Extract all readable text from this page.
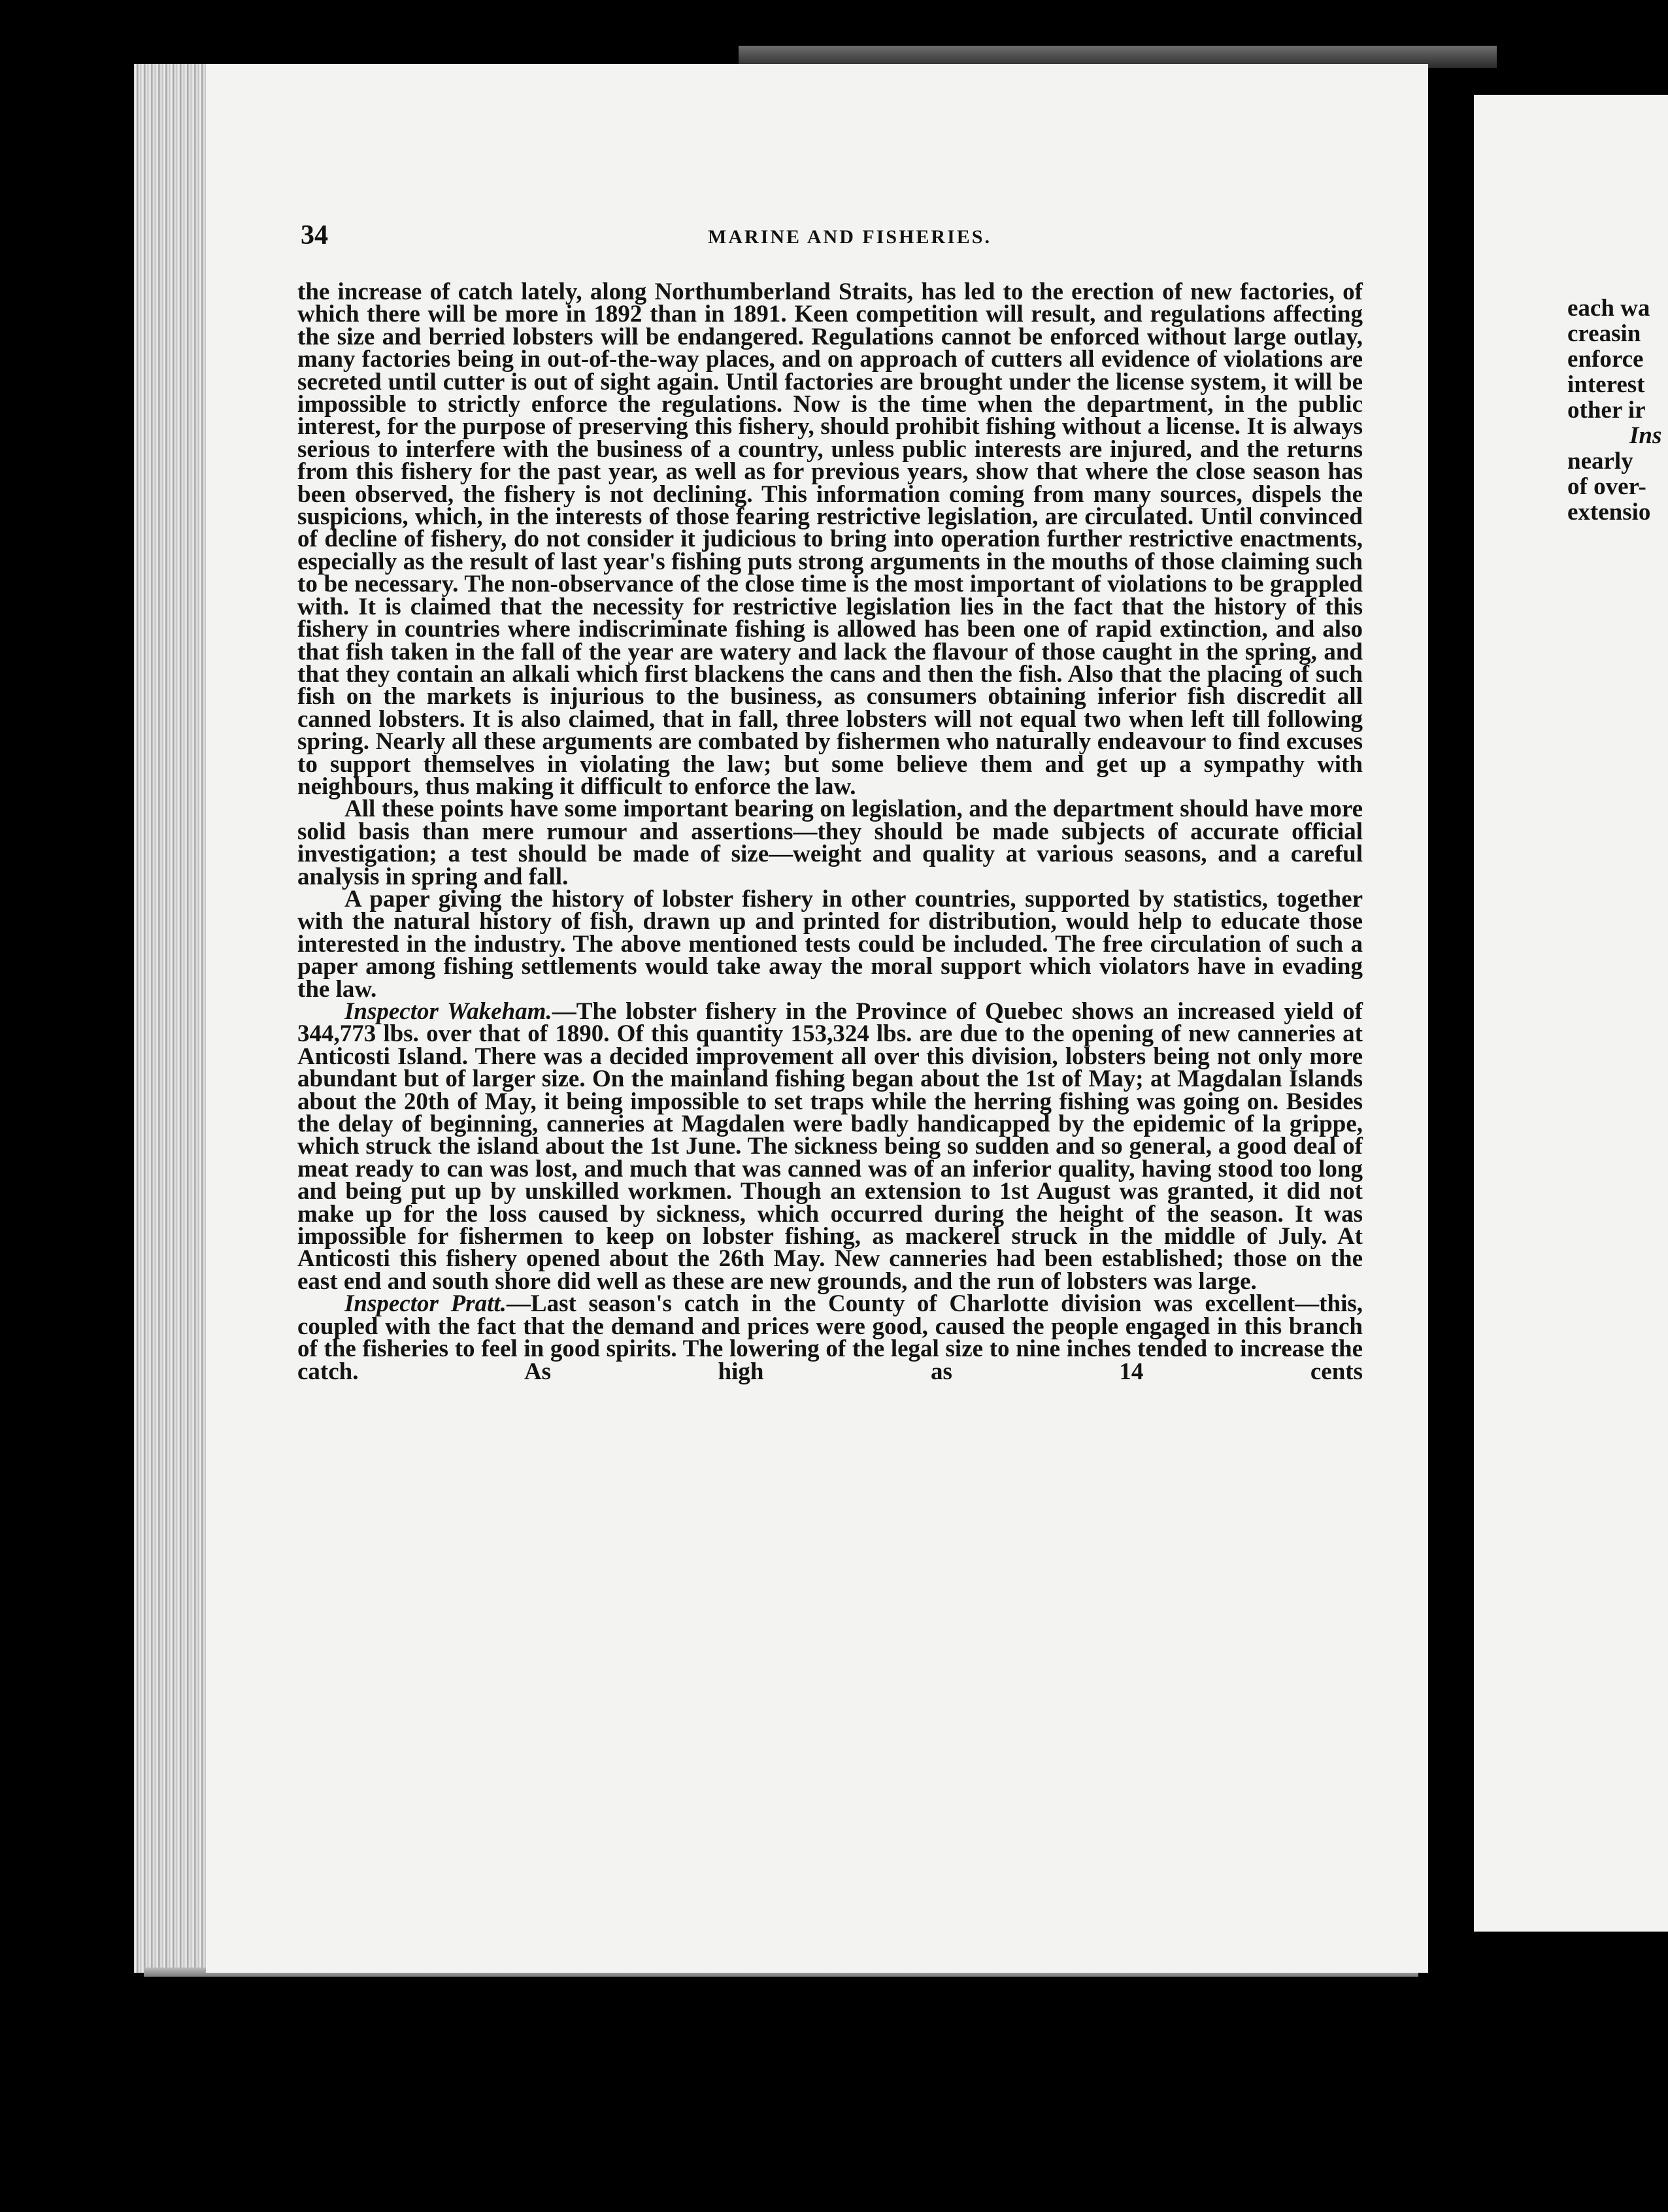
34	MARINE AND FISHERIES.

the increase of catch lately, along Northumberland Straits, has led to the erection of new factories, of which there will be more in 1892 than in 1891. Keen competition will result, and regulations affecting the size and berried lobsters will be endangered. Regulations cannot be enforced without large outlay, many factories being in out-of-the-way places, and on approach of cutters all evidence of violations are secreted until cutter is out of sight again. Until factories are brought under the license system, it will be impossible to strictly enforce the regulations. Now is the time when the department, in the public interest, for the purpose of preserving this fishery, should prohibit fishing without a license. It is always serious to interfere with the business of a country, unless public interests are injured, and the returns from this fishery for the past year, as well as for previous years, show that where the close season has been observed, the fishery is not declining. This information coming from many sources, dispels the suspicions, which, in the interests of those fearing restrictive legislation, are circulated. Until convinced of decline of fishery, do not consider it judicious to bring into operation further restrictive enactments, especially as the result of last year's fishing puts strong arguments in the mouths of those claiming such to be necessary. The non-observance of the close time is the most important of violations to be grappled with. It is claimed that the necessity for restrictive legislation lies in the fact that the history of this fishery in countries where indiscriminate fishing is allowed has been one of rapid extinction, and also that fish taken in the fall of the year are watery and lack the flavour of those caught in the spring, and that they contain an alkali which first blackens the cans and then the fish. Also that the placing of such fish on the markets is injurious to the business, as consumers obtaining inferior fish discredit all canned lobsters. It is also claimed, that in fall, three lobsters will not equal two when left till following spring. Nearly all these arguments are combated by fishermen who naturally endeavour to find excuses to support themselves in violating the law; but some believe them and get up a sympathy with neighbours, thus making it difficult to enforce the law.

All these points have some important bearing on legislation, and the department should have more solid basis than mere rumour and assertions—they should be made subjects of accurate official investigation; a test should be made of size—weight and quality at various seasons, and a careful analysis in spring and fall.

A paper giving the history of lobster fishery in other countries, supported by statistics, together with the natural history of fish, drawn up and printed for distribution, would help to educate those interested in the industry. The above mentioned tests could be included. The free circulation of such a paper among fishing settlements would take away the moral support which violators have in evading the law.

Inspector Wakeham.—The lobster fishery in the Province of Quebec shows an increased yield of 344,773 lbs. over that of 1890. Of this quantity 153,324 lbs. are due to the opening of new canneries at Anticosti Island. There was a decided improvement all over this division, lobsters being not only more abundant but of larger size. On the mainland fishing began about the 1st of May; at Magdalan Islands about the 20th of May, it being impossible to set traps while the herring fishing was going on. Besides the delay of beginning, canneries at Magdalen were badly handicapped by the epidemic of la grippe, which struck the island about the 1st June. The sickness being so sudden and so general, a good deal of meat ready to can was lost, and much that was canned was of an inferior quality, having stood too long and being put up by unskilled workmen. Though an extension to 1st August was granted, it did not make up for the loss caused by sickness, which occurred during the height of the season. It was impossible for fishermen to keep on lobster fishing, as mackerel struck in the middle of July. At Anticosti this fishery opened about the 26th May. New canneries had been established; those on the east end and south shore did well as these are new grounds, and the run of lobsters was large.

Inspector Pratt.—Last season's catch in the County of Charlotte division was excellent—this, coupled with the fact that the demand and prices were good, caused the people engaged in this branch of the fisheries to feel in good spirits. The lowering of the legal size to nine inches tended to increase the catch. As high as 14 cents

each wa
creasin
enforce
interest
other ir
Ins
nearly
of over-
extensio
